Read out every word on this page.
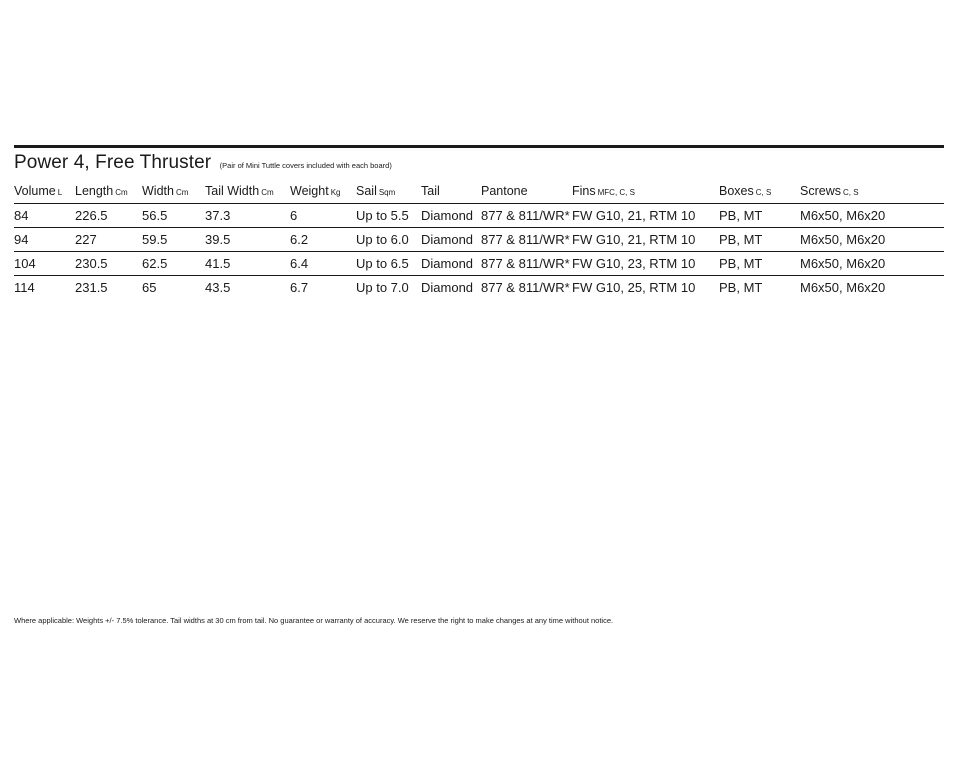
Power 4, Free Thruster (Pair of Mini Tuttle covers included with each board)
Volume L	Length Cm	Width Cm	Tail Width Cm	Weight Kg	Sail Sqm	Tail	Pantone	Fins MFC, C, S	Boxes C, S	Screws C, S
84	226.5	56.5	37.3	6	Up to 5.5	Diamond	877 & 811/WR*	FW G10, 21, RTM 10	PB, MT	M6x50, M6x20
94	227	59.5	39.5	6.2	Up to 6.0	Diamond	877 & 811/WR*	FW G10, 21, RTM 10	PB, MT	M6x50, M6x20
104	230.5	62.5	41.5	6.4	Up to 6.5	Diamond	877 & 811/WR*	FW G10, 23, RTM 10	PB, MT	M6x50, M6x20
114	231.5	65	43.5	6.7	Up to 7.0	Diamond	877 & 811/WR*	FW G10, 25, RTM 10	PB, MT	M6x50, M6x20
Where applicable: Weights +/- 7.5% tolerance. Tail widths at 30 cm from tail. No guarantee or warranty of accuracy. We reserve the right to make changes at any time without notice.
